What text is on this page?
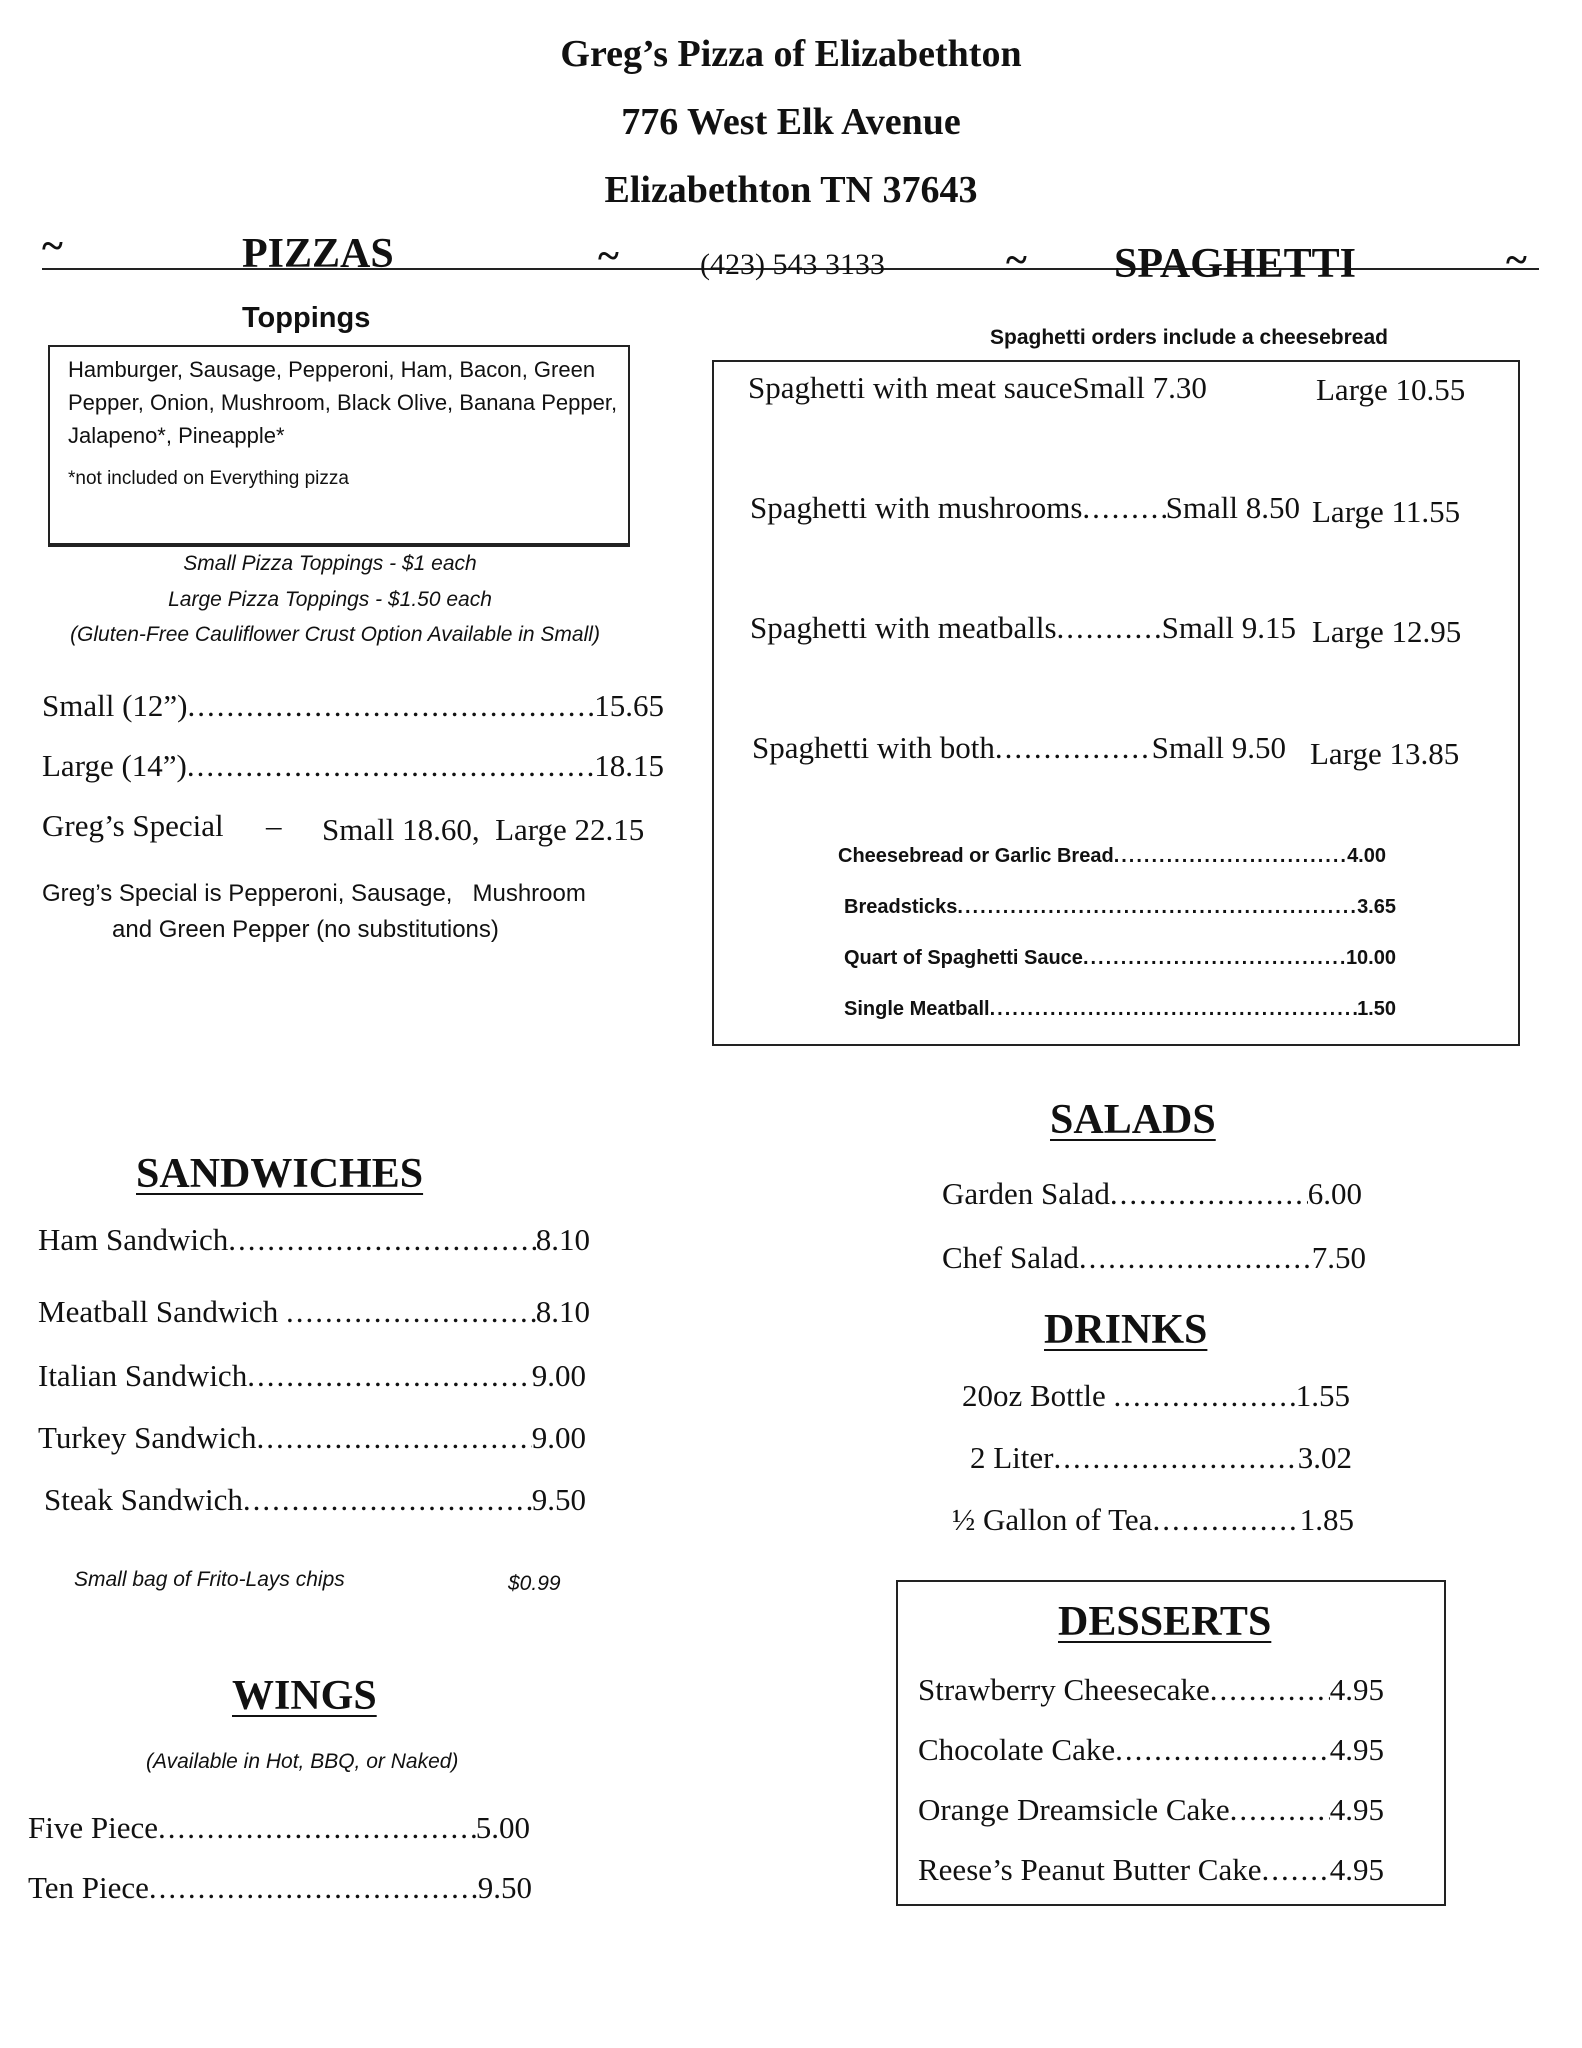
Greg’s Pizza of Elizabethton
776 West Elk Avenue
Elizabethton TN 37643
~	PIZZAS	~	(423) 543 3133	~ SPAGHETTI	~
Toppings

Hamburger, Sausage, Pepperoni, Ham, Bacon, Green Pepper, Onion, Mushroom, Black Olive, Banana Pepper, Jalapeno*, Pineapple*

*not included on Everything pizza

Small Pizza Toppings - $1 each
Large Pizza Toppings - $1.50 each
(Gluten-Free Cauliflower Crust Option Available in Small)
Small (12”) .....	15.65
Large (14”) .....	18.15
Greg’s Special – Small 18.60,  Large 22.15
Greg’s Special is Pepperoni, Sausage,   Mushroom
and Green Pepper (no substitutions)
Spaghetti orders include a cheesebread
Spaghetti with meat sauce Small 7.30	Large 10.55
Spaghetti with mushrooms .....	Small 8.50 Large 11.55
Spaghetti with meatballs .....	Small 9.15 Large 12.95
Spaghetti with both .....	Small 9.50 Large 13.85
Cheesebread or Garlic Bread .....	4.00
Breadsticks .....	3.65
Quart of Spaghetti Sauce .....	10.00
Single Meatball .....	1.50
SANDWICHES
Ham Sandwich .....	8.10
Meatball Sandwich .....	8.10
Italian Sandwich .....	9.00
Turkey Sandwich .....	9.00
Steak Sandwich .....	9.50
Small bag of Frito-Lays chips	$0.99
WINGS
(Available in Hot, BBQ, or Naked)
Five Piece .....	5.00
Ten Piece .....	9.50
SALADS
Garden Salad .....	6.00
Chef Salad .....	7.50
DRINKS
20oz Bottle .....	1.55
2 Liter .....	3.02
½ Gallon of Tea .....	1.85
DESSERTS
Strawberry Cheesecake .....	4.95
Chocolate Cake .....	4.95
Orange Dreamsicle Cake .....	4.95
Reese’s Peanut Butter Cake ..... 4.95
